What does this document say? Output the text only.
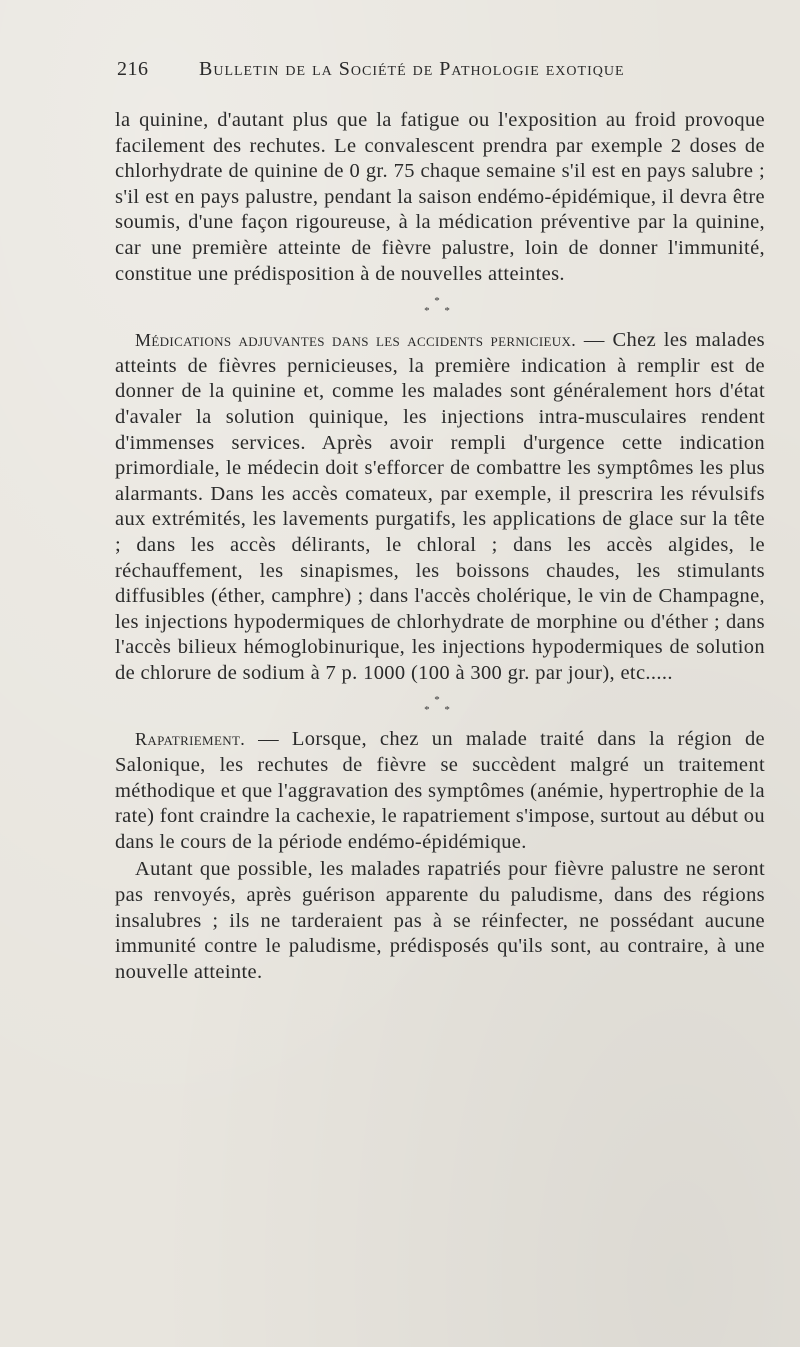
216	Bulletin de la Société de Pathologie exotique

la quinine, d'autant plus que la fatigue ou l'exposition au froid provoque facilement des rechutes. Le convalescent prendra par exemple 2 doses de chlorhydrate de quinine de 0 gr. 75 chaque semaine s'il est en pays salubre ; s'il est en pays palustre, pendant la saison endémo-épidémique, il devra être soumis, d'une façon rigoureuse, à la médication préventive par la quinine, car une première atteinte de fièvre palustre, loin de donner l'immunité, constitue une prédisposition à de nouvelles atteintes.

*
* *

Médications adjuvantes dans les accidents pernicieux. — Chez les malades atteints de fièvres pernicieuses, la première indication à remplir est de donner de la quinine et, comme les malades sont généralement hors d'état d'avaler la solution quinique, les injections intra-musculaires rendent d'immenses services. Après avoir rempli d'urgence cette indication primordiale, le médecin doit s'efforcer de combattre les symptômes les plus alarmants. Dans les accès comateux, par exemple, il prescrira les révulsifs aux extrémités, les lavements purgatifs, les applications de glace sur la tête ; dans les accès délirants, le chloral ; dans les accès algides, le réchauffement, les sinapismes, les boissons chaudes, les stimulants diffusibles (éther, camphre) ; dans l'accès cholérique, le vin de Champagne, les injections hypodermiques de chlorhydrate de morphine ou d'éther ; dans l'accès bilieux hémoglobinurique, les injections hypodermiques de solution de chlorure de sodium à 7 p. 1000 (100 à 300 gr. par jour), etc.....

*
* *

Rapatriement. — Lorsque, chez un malade traité dans la région de Salonique, les rechutes de fièvre se succèdent malgré un traitement méthodique et que l'aggravation des symptômes (anémie, hypertrophie de la rate) font craindre la cachexie, le rapatriement s'impose, surtout au début ou dans le cours de la période endémo-épidémique.

Autant que possible, les malades rapatriés pour fièvre palustre ne seront pas renvoyés, après guérison apparente du paludisme, dans des régions insalubres ; ils ne tarderaient pas à se réinfecter, ne possédant aucune immunité contre le paludisme, prédisposés qu'ils sont, au contraire, à une nouvelle atteinte.
